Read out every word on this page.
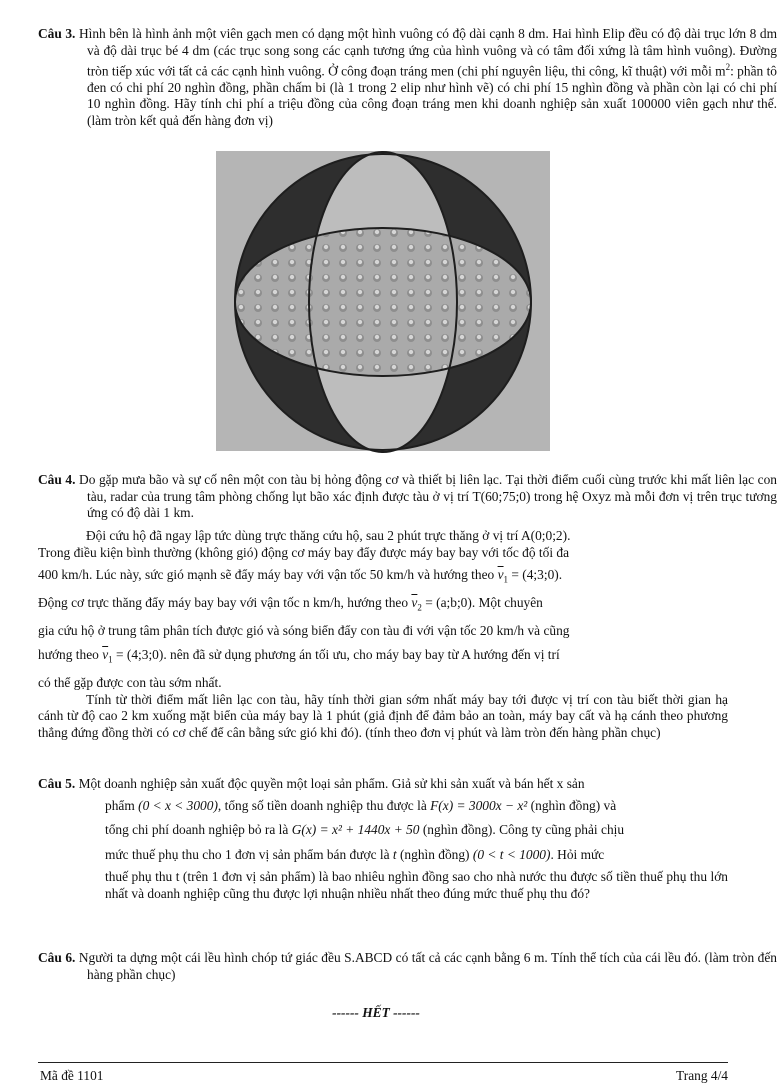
Câu 3. Hình bên là hình ảnh một viên gạch men có dạng một hình vuông có độ dài cạnh 8 dm. Hai hình Elip đều có độ dài trục lớn 8 dm và độ dài trục bé 4 dm (các trục song song các cạnh tương ứng của hình vuông và có tâm đối xứng là tâm hình vuông). Đường tròn tiếp xúc với tất cả các cạnh hình vuông. Ở công đoạn tráng men (chi phí nguyên liệu, thi công, kĩ thuật) với mỗi $m^2$: phần tô đen có chi phí 20 nghìn đồng, phần chấm bi (là 1 trong 2 elip như hình vẽ) có chi phí 15 nghìn đồng và phần còn lại có chi phí 10 nghìn đồng. Hãy tính chi phí a triệu đồng của công đoạn tráng men khi doanh nghiệp sản xuất 100000 viên gạch như thế. (làm tròn kết quả đến hàng đơn vị)
Câu 4. Do gặp mưa bão và sự cố nên một con tàu bị hỏng động cơ và thiết bị liên lạc. Tại thời điểm cuối cùng trước khi mất liên lạc con tàu, radar của trung tâm phòng chống lụt bão xác định được tàu ở vị trí T(60;75;0) trong hệ Oxyz mà mỗi đơn vị trên trục tương ứng có độ dài 1 km.
Đội cứu hộ đã ngay lập tức dùng trực thăng cứu hộ, sau 2 phút trực thăng ở vị trí A(0;0;2).
Trong điều kiện bình thường (không gió) động cơ máy bay đẩy được máy bay bay với tốc độ tối đa
400 km/h. Lúc này, sức gió mạnh sẽ đẩy máy bay với vận tốc 50 km/h và hướng theo $\overline{v}_1$ = (4;3;0).
Động cơ trực thăng đẩy máy bay bay với vận tốc n km/h, hướng theo $\overline{v}_2$ = (a;b;0). Một chuyên
gia cứu hộ ở trung tâm phân tích được gió và sóng biển đẩy con tàu đi với vận tốc 20 km/h và cũng
hướng theo $\overline{v}_1$ = (4;3;0). nên đã sử dụng phương án tối ưu, cho máy bay bay từ A hướng đến vị trí
có thể gặp được con tàu sớm nhất.
Tính từ thời điểm mất liên lạc con tàu, hãy tính thời gian sớm nhất máy bay tới được vị trí con tàu biết thời gian hạ cánh từ độ cao 2 km xuống mặt biển của máy bay là 1 phút (giả định để đảm bảo an toàn, máy bay cất và hạ cánh theo phương thẳng đứng đồng thời có cơ chế để cân bằng sức gió khi đó). (tính theo đơn vị phút và làm tròn đến hàng phần chục)
Câu 5. Một doanh nghiệp sản xuất độc quyền một loại sản phẩm. Giả sử khi sản xuất và bán hết x sản
phẩm (0 < x < 3000), tổng số tiền doanh nghiệp thu được là F(x) = 3000x − x² (nghìn đồng) và
tổng chi phí doanh nghiệp bỏ ra là G(x) = x² + 1440x + 50 (nghìn đồng). Công ty cũng phải chịu
mức thuế phụ thu cho 1 đơn vị sản phẩm bán được là t (nghìn đồng) (0 < t < 1000). Hỏi mức
thuế phụ thu t (trên 1 đơn vị sản phẩm) là bao nhiêu nghìn đồng sao cho nhà nước thu được số tiền thuế phụ thu lớn nhất và doanh nghiệp cũng thu được lợi nhuận nhiều nhất theo đúng mức thuế phụ thu đó?
Câu 6. Người ta dựng một cái lều hình chóp tứ giác đều S.ABCD có tất cả các cạnh bằng 6 m. Tính thể tích của cái lều đó. (làm tròn đến hàng phần chục)
------ HẾT ------
Mã đề 1101	Trang 4/4
